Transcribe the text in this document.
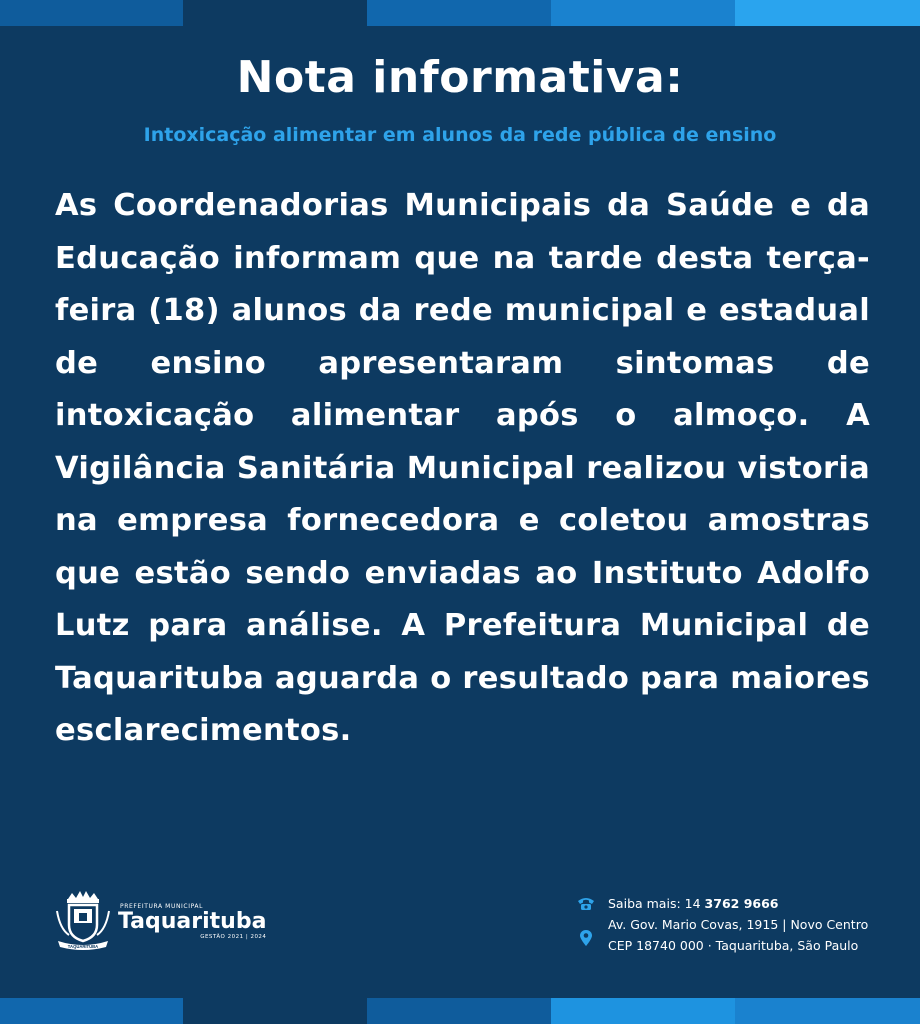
Nota informativa:
Intoxicação alimentar em alunos da rede pública de ensino

As Coordenadorias Municipais da Saúde e da Educação informam que na tarde desta terça-feira (18) alunos da rede municipal e estadual de ensino apresentaram sintomas de intoxicação alimentar após o almoço. A Vigilância Sanitária Municipal realizou vistoria na empresa fornecedora e coletou amostras que estão sendo enviadas ao Instituto Adolfo Lutz para análise. A Prefeitura Municipal de Taquarituba aguarda o resultado para maiores esclarecimentos.

TAQUARITUBA
PREFEITURA MUNICIPAL
Taquarituba
GESTÃO 2021 | 2024
Saiba mais: 14 3762 9666
Av. Gov. Mario Covas, 1915 | Novo Centro
CEP 18740 000 · Taquarituba, São Paulo
